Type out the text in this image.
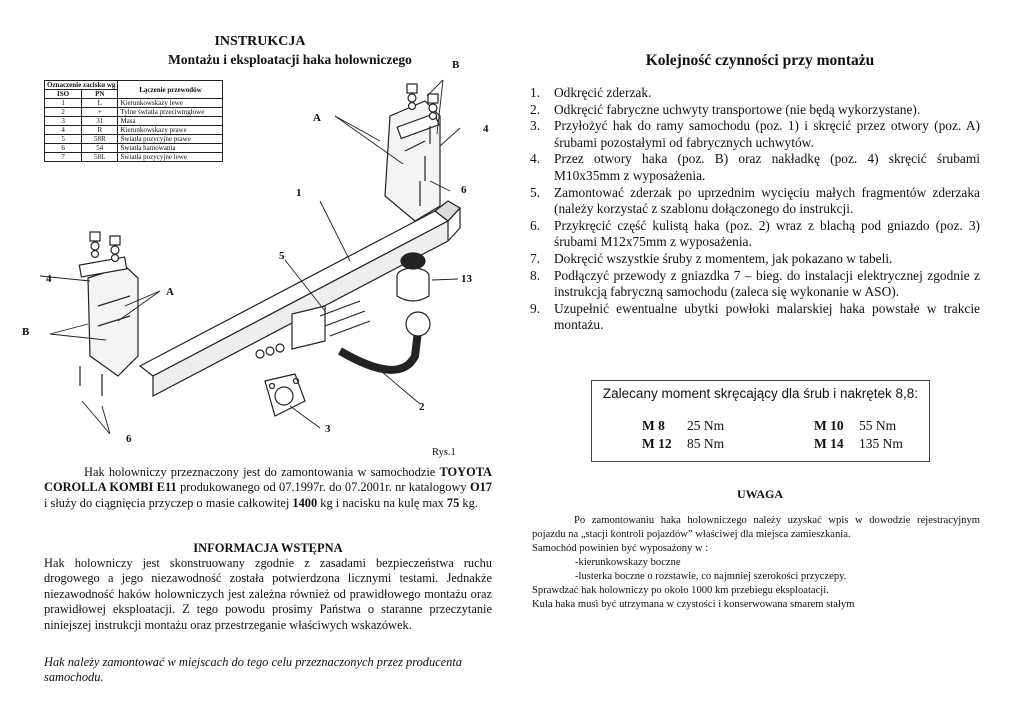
INSTRUKCJA
Montażu i eksploatacji haka holowniczego
Oznaczenie zacisku wg		Łączenie przewodów
ISO	PN	
1	L	Kierunkowskazy lewe
2	+	Tylne światła przeciwmgłowe
3	31	Masa
4	R	Kierunkowskazy prawe
5	58R	Światła pozycyjne prawe
6	54	Światła hamowania
7	58L	Światła pozycyjne lewe
B
A
4
1	6
5
13
4
A
B
2
3
6
Rys.1
Hak holowniczy przeznaczony jest do zamontowania w samochodzie TOYOTA COROLLA KOMBI E11 produkowanego od 07.1997r. do 07.2001r. nr katalogowy O17 i służy do ciągnięcia przyczep o masie całkowitej 1400 kg i nacisku na kulę max 75 kg.
INFORMACJA WSTĘPNA
Hak holowniczy jest skonstruowany zgodnie z zasadami bezpieczeństwa ruchu drogowego a jego niezawodność została potwierdzona licznymi testami. Jednakże niezawodność haków holowniczych jest zależna również od prawidłowego montażu oraz prawidłowej eksploatacji. Z tego powodu prosimy Państwa o staranne przeczytanie niniejszej instrukcji montażu oraz przestrzeganie właściwych wskazówek.
Hak należy zamontować w miejscach do tego celu przeznaczonych przez producenta samochodu.
Kolejność czynności przy montażu
1.	Odkręcić zderzak.
2.	Odkręcić fabryczne uchwyty transportowe (nie będą wykorzystane).
3.	Przyłożyć hak do ramy samochodu (poz. 1) i skręcić przez otwory (poz. A) śrubami pozostałymi od fabrycznych uchwytów.
4.	Przez otwory haka (poz. B) oraz nakładkę (poz. 4) skręcić śrubami M10x35mm z wyposażenia.
5.	Zamontować zderzak po uprzednim wycięciu małych fragmentów zderzaka (należy korzystać z szablonu dołączonego do instrukcji.
6.	Przykręcić część kulistą haka (poz. 2) wraz z blachą pod gniazdo (poz. 3) śrubami M12x75mm z wyposażenia.
7.	Dokręcić wszystkie śruby z momentem, jak pokazano w tabeli.
8.	Podłączyć przewody z gniazdka 7 – bieg. do instalacji elektrycznej zgodnie z instrukcją fabryczną samochodu (zaleca się wykonanie w ASO).
9.	Uzupełnić ewentualne ubytki powłoki malarskiej haka powstałe w trakcie montażu.
Zalecany moment skręcający dla śrub i nakrętek 8,8:
M 8 25 Nm	M 10 55 Nm
M 12 85 Nm	M 14 135 Nm
UWAGA
Po zamontowaniu haka holowniczego należy uzyskać wpis w dowodzie rejestracyjnym pojazdu na „stacji kontroli pojazdów” właściwej dla miejsca zamieszkania.
Samochód powinien być wyposażony w :
-kierunkowskazy boczne
-lusterka boczne o rozstawie, co najmniej szerokości przyczepy.
Sprawdzać hak holowniczy po około 1000 km przebiegu eksploatacji.
Kula haka musi być utrzymana w czystości i konserwowana smarem stałym
